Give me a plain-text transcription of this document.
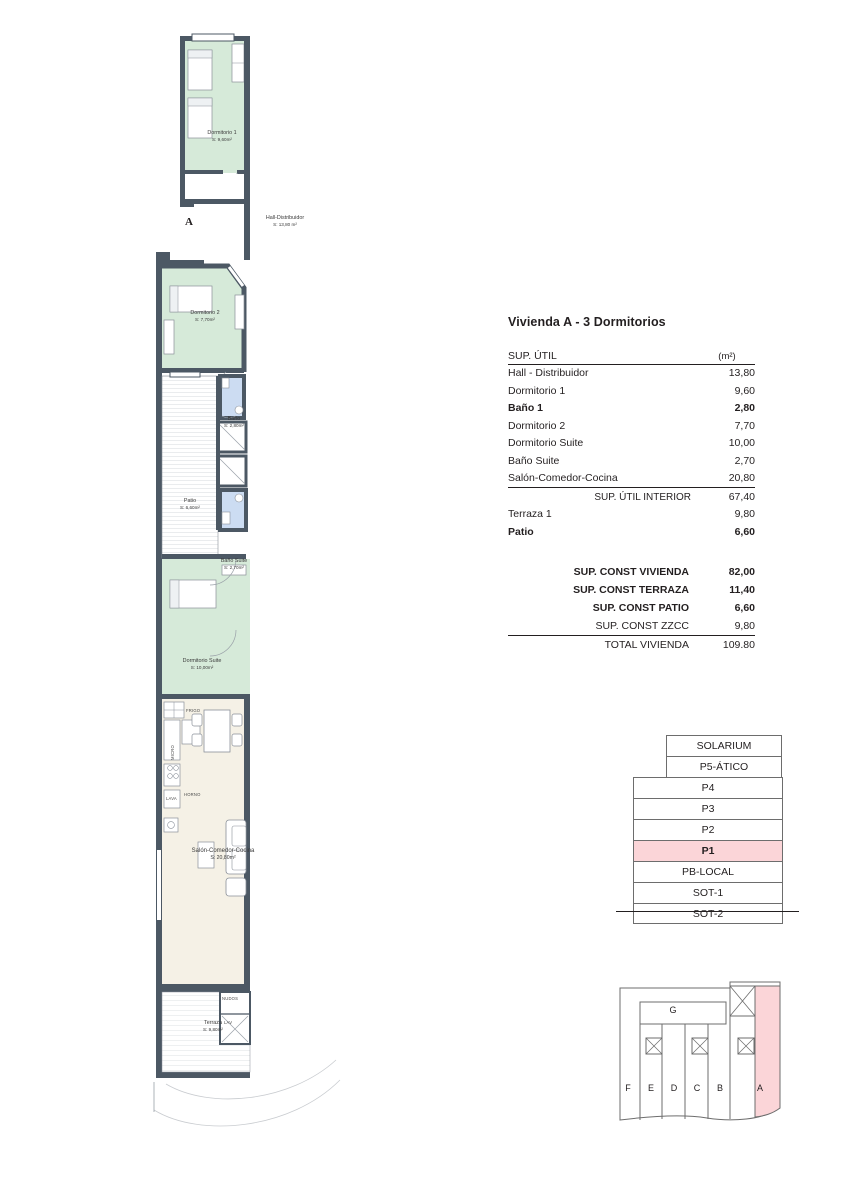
Dormitorio 1
S: 9,60m²
Hall-Distribuidor
S: 13,80 m²
Dormitorio 2
S: 7,70m²
Baño
S: 2,80m²
Patio
S: 6,60m²
Baño Suite
S: 2,70m²
Dormitorio Suite
S: 10,00m²
Salón-Comedor-Cocina
S: 20,80m²
Terraza
S: 9,80m²
FRIGO
MICRO
HORNO
LAVA
NUDOS
LAV
A
Vivienda A - 3 Dormitorios
SUP. ÚTIL	(m²)
Hall - Distribuidor	13,80
Dormitorio 1	9,60
Baño 1	2,80
Dormitorio 2	7,70
Dormitorio Suite	10,00
Baño Suite	2,70
Salón-Comedor-Cocina	20,80
SUP. ÚTIL INTERIOR	67,40
Terraza 1	9,80
Patio	6,60

SUP. CONST VIVIENDA	82,00
SUP. CONST TERRAZA	11,40
SUP. CONST PATIO	6,60
SUP. CONST ZZCC	9,80
TOTAL VIVIENDA	109.80
SOLARIUM
P5-ÁTICO
P4
P3
P2
P1
PB-LOCAL
SOT-1
SOT-2
G
F	E	D	C	B	A
